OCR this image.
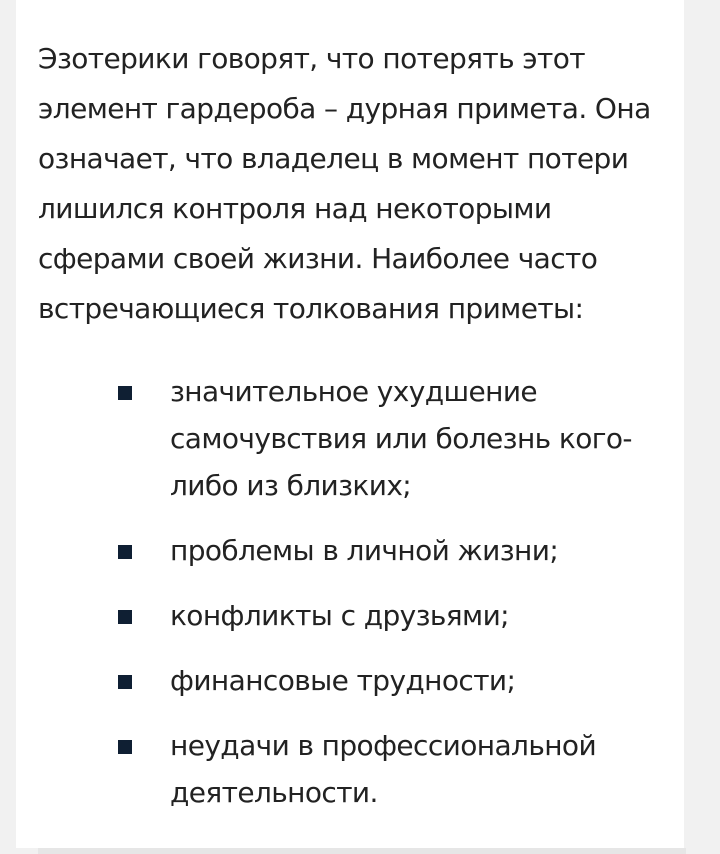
Эзотерики говорят, что потерять этот элемент гардероба – дурная примета. Она означает, что владелец в момент потери лишился контроля над некоторыми сферами своей жизни. Наиболее часто встречающиеся толкования приметы:

значительное ухудшение самочувствия или болезнь кого-либо из близких;
проблемы в личной жизни;
конфликты с друзьями;
финансовые трудности;
неудачи в профессиональной деятельности.
